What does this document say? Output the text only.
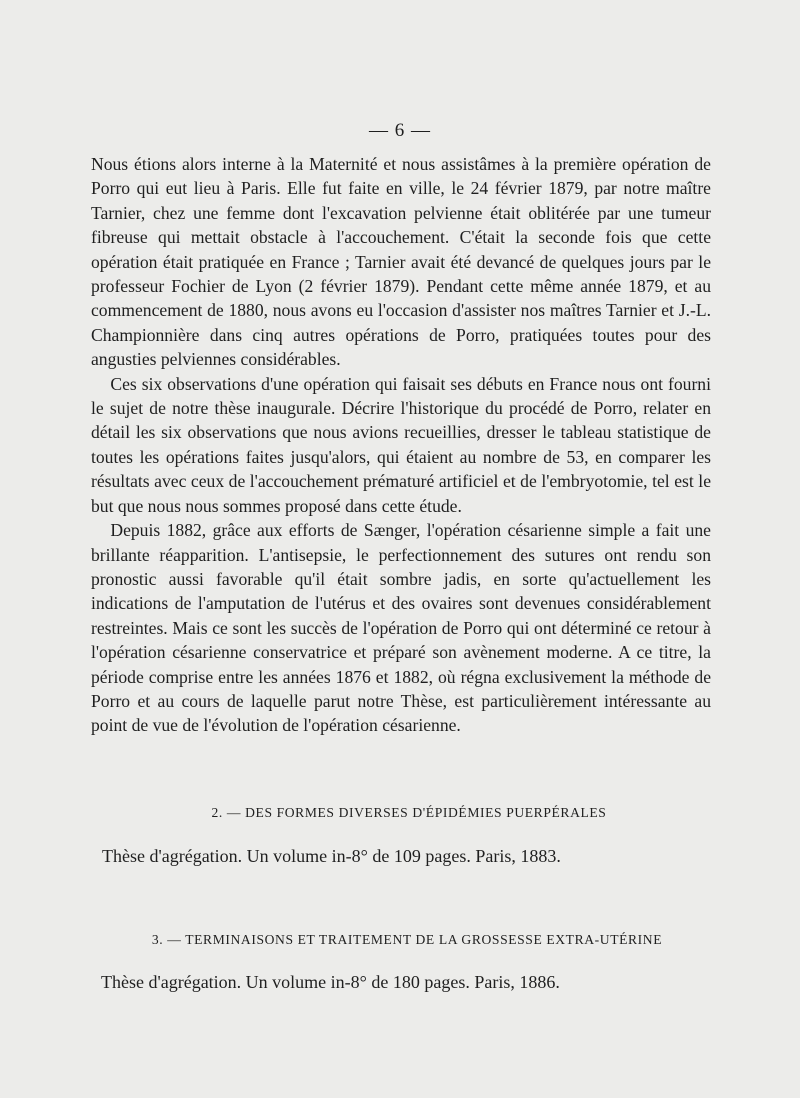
— 6 —

Nous étions alors interne à la Maternité et nous assistâmes à la première opération de Porro qui eut lieu à Paris. Elle fut faite en ville, le 24 février 1879, par notre maître Tarnier, chez une femme dont l'excavation pelvienne était oblitérée par une tumeur fibreuse qui mettait obstacle à l'accouchement. C'était la seconde fois que cette opération était pratiquée en France ; Tarnier avait été devancé de quelques jours par le professeur Fochier de Lyon (2 février 1879). Pendant cette même année 1879, et au commencement de 1880, nous avons eu l'occasion d'assister nos maîtres Tarnier et J.-L. Championnière dans cinq autres opérations de Porro, pratiquées toutes pour des angusties pelviennes considérables.

Ces six observations d'une opération qui faisait ses débuts en France nous ont fourni le sujet de notre thèse inaugurale. Décrire l'historique du procédé de Porro, relater en détail les six observations que nous avions recueillies, dresser le tableau statistique de toutes les opérations faites jusqu'alors, qui étaient au nombre de 53, en comparer les résultats avec ceux de l'accouchement prématuré artificiel et de l'embryotomie, tel est le but que nous nous sommes proposé dans cette étude.

Depuis 1882, grâce aux efforts de Sænger, l'opération césarienne simple a fait une brillante réapparition. L'antisepsie, le perfectionnement des sutures ont rendu son pronostic aussi favorable qu'il était sombre jadis, en sorte qu'actuellement les indications de l'amputation de l'utérus et des ovaires sont devenues considérablement restreintes. Mais ce sont les succès de l'opération de Porro qui ont déterminé ce retour à l'opération césarienne conservatrice et préparé son avènement moderne. A ce titre, la période comprise entre les années 1876 et 1882, où régna exclusivement la méthode de Porro et au cours de laquelle parut notre Thèse, est particulièrement intéressante au point de vue de l'évolution de l'opération césarienne.

2. — DES FORMES DIVERSES D'ÉPIDÉMIES PUERPÉRALES
Thèse d'agrégation. Un volume in-8° de 109 pages. Paris, 1883.
3. — TERMINAISONS ET TRAITEMENT DE LA GROSSESSE EXTRA-UTÉRINE
Thèse d'agrégation. Un volume in-8° de 180 pages. Paris, 1886.
